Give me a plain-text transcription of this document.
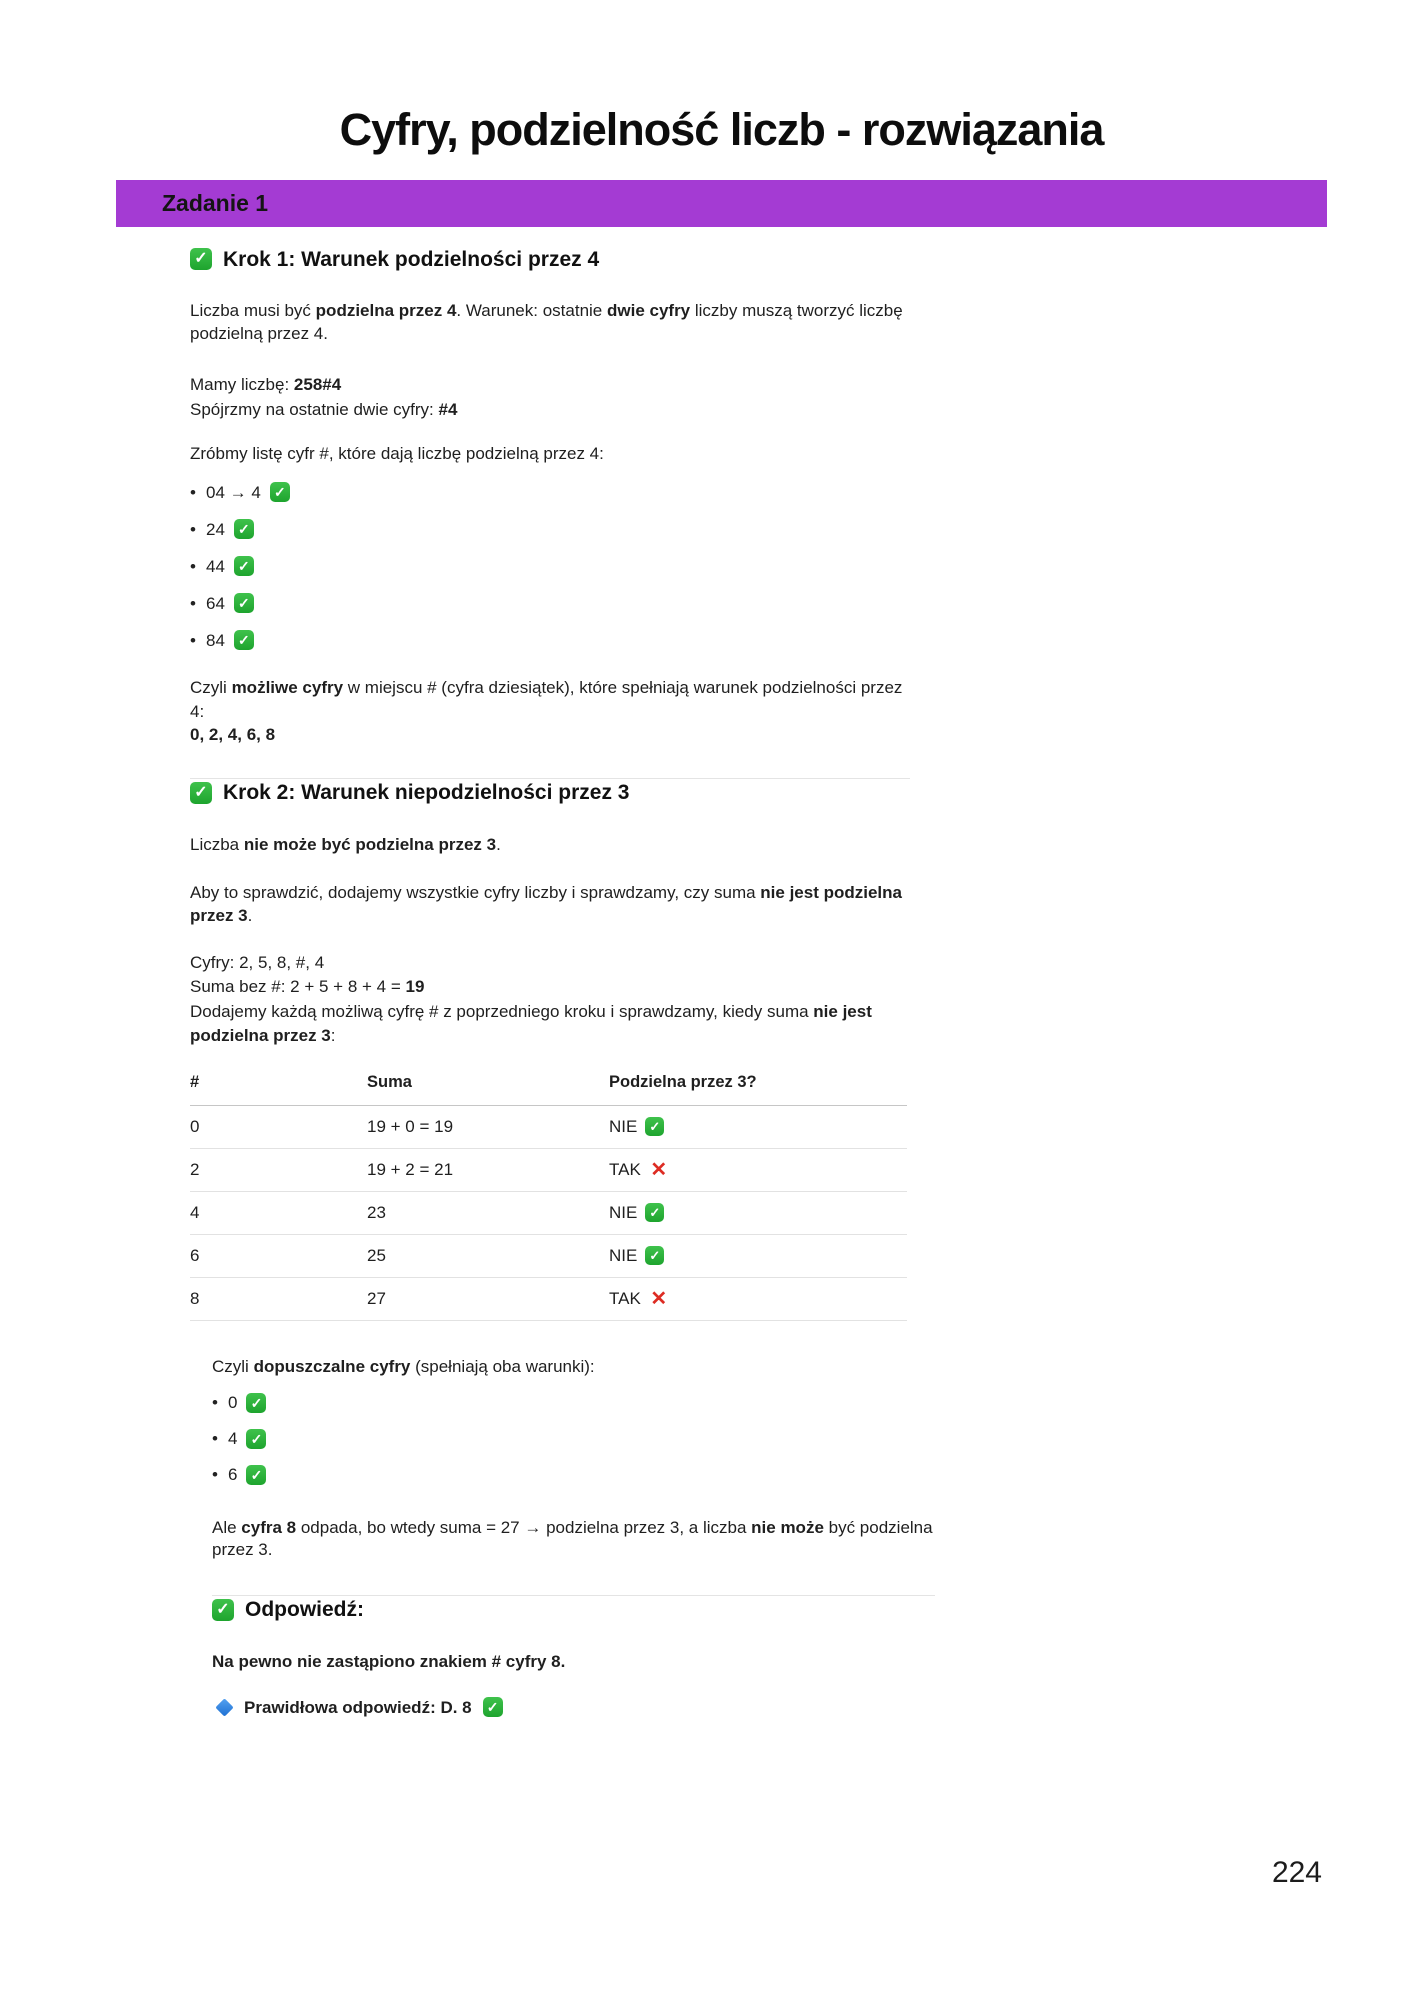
Cyfry, podzielność liczb - rozwiązania
Zadanie 1
✓
Krok 1: Warunek podzielności przez 4

Liczba musi być podzielna przez 4. Warunek: ostatnie dwie cyfry liczby muszą tworzyć liczbę podzielną przez 4.

Mamy liczbę: 258#4
Spójrzmy na ostatnie dwie cyfry: #4

Zróbmy listę cyfr #, które dają liczbę podzielną przez 4:

• 04 → 4
✓
• 24
✓
• 44
✓
• 64
✓
• 84
✓

Czyli możliwe cyfry w miejscu # (cyfra dziesiątek), które spełniają warunek podzielności przez 4:
0, 2, 4, 6, 8

✓
Krok 2: Warunek niepodzielności przez 3

Liczba nie może być podzielna przez 3.

Aby to sprawdzić, dodajemy wszystkie cyfry liczby i sprawdzamy, czy suma nie jest podzielna przez 3.

Cyfry: 2, 5, 8, #, 4
Suma bez #: 2 + 5 + 8 + 4 = 19
Dodajemy każdą możliwą cyfrę # z poprzedniego kroku i sprawdzamy, kiedy suma nie jest podzielna przez 3:

#	Suma	Podzielna przez 3?
0	19 + 0 = 19	NIE
✓

2	19 + 2 = 21	TAK
✕

4	23	NIE
✓

6	25	NIE
✓

8	27	TAK
✕

Czyli dopuszczalne cyfry (spełniają oba warunki):

• 0
✓
• 4
✓
• 6
✓

Ale cyfra 8 odpada, bo wtedy suma = 27 → podzielna przez 3, a liczba nie może być podzielna przez 3.

✓
Odpowiedź:

Na pewno nie zastąpiono znakiem # cyfry 8.

Prawidłowa odpowiedź: D. 8
✓
224
